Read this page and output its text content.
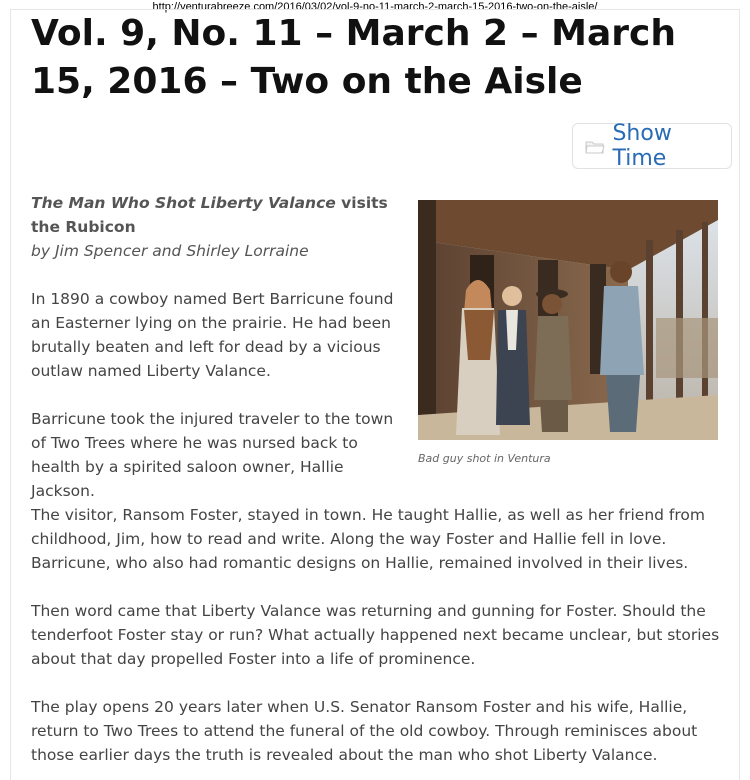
http://venturabreeze.com/2016/03/02/vol-9-no-11-march-2-march-15-2016-two-on-the-aisle/
Vol. 9, No. 11 – March 2 – March 15, 2016 – Two on the Aisle
Show Time

The Man Who Shot Liberty Valance visits the Rubicon

by Jim Spencer and Shirley Lorraine

In 1890 a cowboy named Bert Barricune found an Easterner lying on the prairie. He had been brutally beaten and left for dead by a vicious outlaw named Liberty Valance.

Barricune took the injured traveler to the town of Two Trees where he was nursed back to health by a spirited saloon owner, Hallie Jackson.

Bad guy shot in Ventura

The visitor, Ransom Foster, stayed in town. He taught Hallie, as well as her friend from childhood, Jim, how to read and write. Along the way Foster and Hallie fell in love. Barricune, who also had romantic designs on Hallie, remained involved in their lives.

Then word came that Liberty Valance was returning and gunning for Foster. Should the tenderfoot Foster stay or run? What actually happened next became unclear, but stories about that day propelled Foster into a life of prominence.

The play opens 20 years later when U.S. Senator Ransom Foster and his wife, Hallie, return to Two Trees to attend the funeral of the old cowboy. Through reminisces about those earlier days the truth is revealed about the man who shot Liberty Valance.
